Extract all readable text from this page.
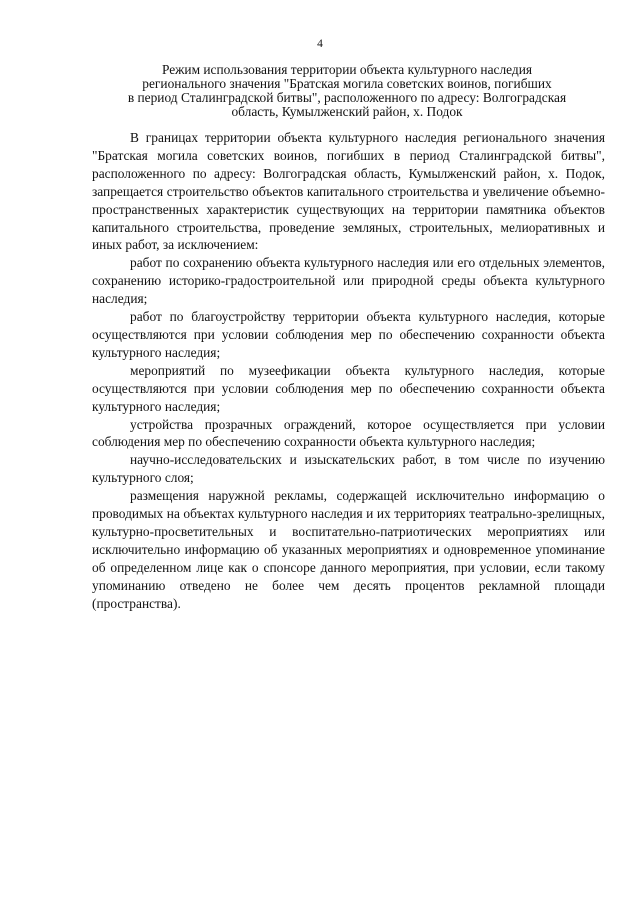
4
Режим использования территории объекта культурного наследия
регионального значения "Братская могила советских воинов, погибших
в период Сталинградской битвы", расположенного по адресу: Волгоградская
область, Кумылженский район, х. Подок

В границах территории объекта культурного наследия регионального значения "Братская могила советских воинов, погибших в период Сталинградской битвы", расположенного по адресу: Волгоградская область, Кумылженский район, х. Подок, запрещается строительство объектов капитального строительства и увеличение объемно-пространственных характеристик существующих на территории памятника объектов капитального строительства, проведение земляных, строительных, мелиоративных и иных работ, за исключением:

работ по сохранению объекта культурного наследия или его отдельных элементов, сохранению историко-градостроительной или природной среды объекта культурного наследия;

работ по благоустройству территории объекта культурного наследия, которые осуществляются при условии соблюдения мер по обеспечению сохранности объекта культурного наследия;

мероприятий по музеефикации объекта культурного наследия, которые осуществляются при условии соблюдения мер по обеспечению сохранности объекта культурного наследия;

устройства прозрачных ограждений, которое осуществляется при условии соблюдения мер по обеспечению сохранности объекта культурного наследия;

научно-исследовательских и изыскательских работ, в том числе по изучению культурного слоя;

размещения наружной рекламы, содержащей исключительно информацию о проводимых на объектах культурного наследия и их территориях театрально-зрелищных, культурно-просветительных и воспитательно-патриотических мероприятиях или исключительно информацию об указанных мероприятиях и одновременное упоминание об определенном лице как о спонсоре данного мероприятия, при условии, если такому упоминанию отведено не более чем десять процентов рекламной площади (пространства).
